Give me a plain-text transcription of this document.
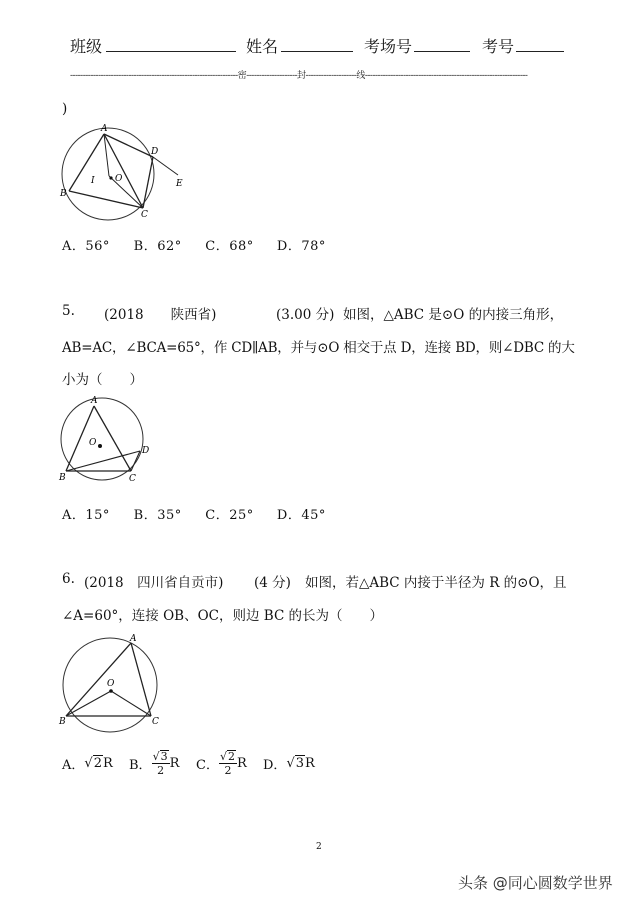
班级	姓名	考场号	考号
------------------------------------------------------------------密--------------------封--------------------线----------------------------------------------------------------
)
A
D
I O	E
B
C
A．56° B．62° C．68° D．78°
5. (2018　　陕西省)	(3.00 分) 如图，△ABC 是⊙O 的内接三角形，
AB=AC，∠BCA=65°，作 CD∥AB，并与⊙O 相交于点 D，连接 BD，则∠DBC 的大
小为（　　）
A
O
D
B	C
A．15° B．35° C．25° D．45°
6. (2018　四川省自贡市) (4 分) 如图，若△ABC 内接于半径为 R 的⊙O，且
∠A=60°，连接 OB、OC，则边 BC 的长为（　　）
A
O
B	C
A． √ 2 R B． $\frac{√3}{2}$ R C． $\frac{√2}{2}$ R D． √ 3 R
2
头条 @同心圆数学世界
